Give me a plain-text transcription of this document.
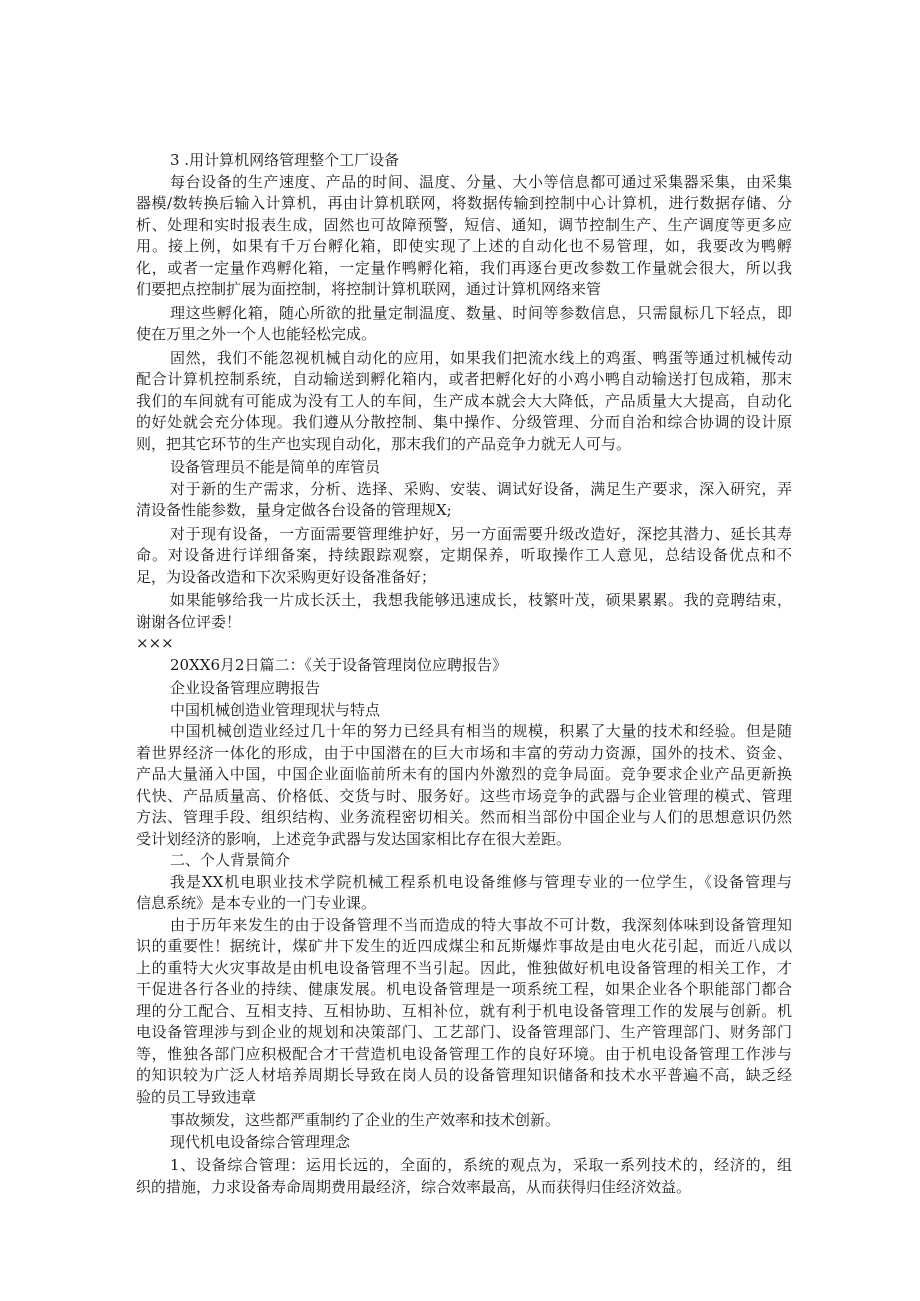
3 .用计算机网络管理整个工厂设备
每台设备的生产速度、产品的时间、温度、分量、大小等信息都可通过采集器采集，由采集
器模/数转换后输入计算机，再由计算机联网，将数据传输到控制中心计算机，进行数据存储、分
析、处理和实时报表生成，固然也可故障预警，短信、通知，调节控制生产、生产调度等更多应
用。接上例，如果有千万台孵化箱，即使实现了上述的自动化也不易管理，如，我要改为鸭孵
化，或者一定量作鸡孵化箱，一定量作鸭孵化箱，我们再逐台更改参数工作量就会很大，所以我
们要把点控制扩展为面控制，将控制计算机联网，通过计算机网络来管
理这些孵化箱，随心所欲的批量定制温度、数量、时间等参数信息，只需鼠标几下轻点，即
使在万里之外一个人也能轻松完成。
固然，我们不能忽视机械自动化的应用，如果我们把流水线上的鸡蛋、鸭蛋等通过机械传动
配合计算机控制系统，自动输送到孵化箱内，或者把孵化好的小鸡小鸭自动输送打包成箱，那末
我们的车间就有可能成为没有工人的车间，生产成本就会大大降低，产品质量大大提高，自动化
的好处就会充分体现。我们遵从分散控制、集中操作、分级管理、分而自治和综合协调的设计原
则，把其它环节的生产也实现自动化，那末我们的产品竞争力就无人可与。
设备管理员不能是简单的库管员
对于新的生产需求，分析、选择、采购、安装、调试好设备，满足生产要求，深入研究，弄
清设备性能参数，量身定做各台设备的管理规X;
对于现有设备，一方面需要管理维护好，另一方面需要升级改造好，深挖其潜力、延长其寿
命。对设备进行详细备案，持续跟踪观察，定期保养，听取操作工人意见，总结设备优点和不
足，为设备改造和下次采购更好设备准备好；
如果能够给我一片成长沃土，我想我能够迅速成长，枝繁叶茂，硕果累累。我的竞聘结束，
谢谢各位评委！
×××
20XX6月2日篇二：《关于设备管理岗位应聘报告》
企业设备管理应聘报告
中国机械创造业管理现状与特点
中国机械创造业经过几十年的努力已经具有相当的规模，积累了大量的技术和经验。但是随
着世界经济一体化的形成，由于中国潜在的巨大市场和丰富的劳动力资源，国外的技术、资金、
产品大量涌入中国，中国企业面临前所未有的国内外激烈的竞争局面。竞争要求企业产品更新换
代快、产品质量高、价格低、交货与时、服务好。这些市场竞争的武器与企业管理的模式、管理
方法、管理手段、组织结构、业务流程密切相关。然而相当部份中国企业与人们的思想意识仍然
受计划经济的影响，上述竞争武器与发达国家相比存在很大差距。
二、个人背景简介
我是XX机电职业技术学院机械工程系机电设备维修与管理专业的一位学生，《设备管理与
信息系统》是本专业的一门专业课。
由于历年来发生的由于设备管理不当而造成的特大事故不可计数，我深刻体味到设备管理知
识的重要性！据统计，煤矿井下发生的近四成煤尘和瓦斯爆炸事故是由电火花引起，而近八成以
上的重特大火灾事故是由机电设备管理不当引起。因此，惟独做好机电设备管理的相关工作，才
干促进各行各业的持续、健康发展。机电设备管理是一项系统工程，如果企业各个职能部门都合
理的分工配合、互相支持、互相协助、互相补位，就有利于机电设备管理工作的发展与创新。机
电设备管理涉与到企业的规划和决策部门、工艺部门、设备管理部门、生产管理部门、财务部门
等，惟独各部门应积极配合才干营造机电设备管理工作的良好环境。由于机电设备管理工作涉与
的知识较为广泛人材培养周期长导致在岗人员的设备管理知识储备和技术水平普遍不高，缺乏经
验的员工导致违章
事故频发，这些都严重制约了企业的生产效率和技术创新。
现代机电设备综合管理理念
1、设备综合管理：运用长远的，全面的，系统的观点为，采取一系列技术的，经济的，组
织的措施，力求设备寿命周期费用最经济，综合效率最高，从而获得归佳经济效益。
